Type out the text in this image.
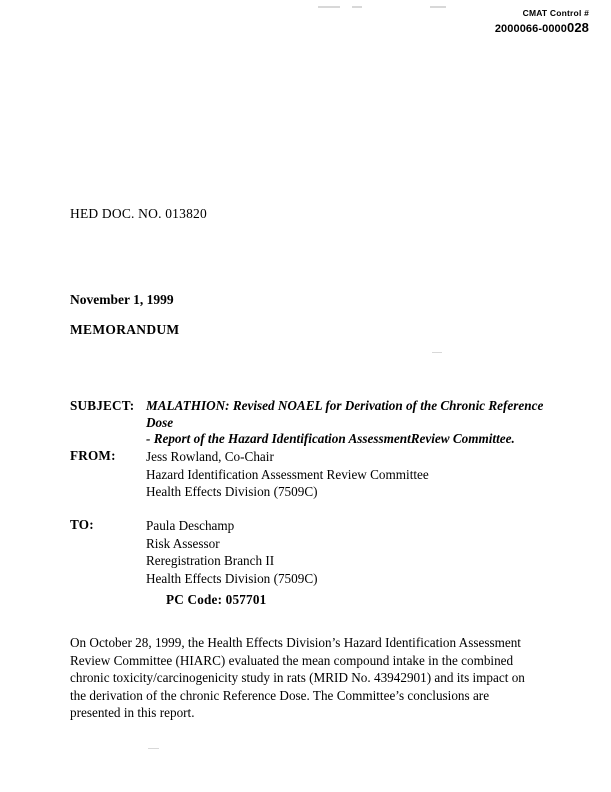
CMAT Control #
2000066-0000028
HED DOC. NO. 013820
November 1, 1999
MEMORANDUM
SUBJECT: MALATHION: Revised NOAEL for Derivation of the Chronic Reference Dose
- Report of the Hazard Identification AssessmentReview Committee.
FROM: Jess Rowland, Co-Chair
Hazard Identification Assessment Review Committee
Health Effects Division (7509C)
TO:	Paula Deschamp
Risk Assessor
Reregistration Branch II
Health Effects Division (7509C)
PC Code: 057701
On October 28, 1999, the Health Effects Division’s Hazard Identification Assessment Review Committee (HIARC) evaluated the mean compound intake in the combined chronic toxicity/carcinogenicity study in rats (MRID No. 43942901) and its impact on the derivation of the chronic Reference Dose. The Committee’s conclusions are presented in this report.
